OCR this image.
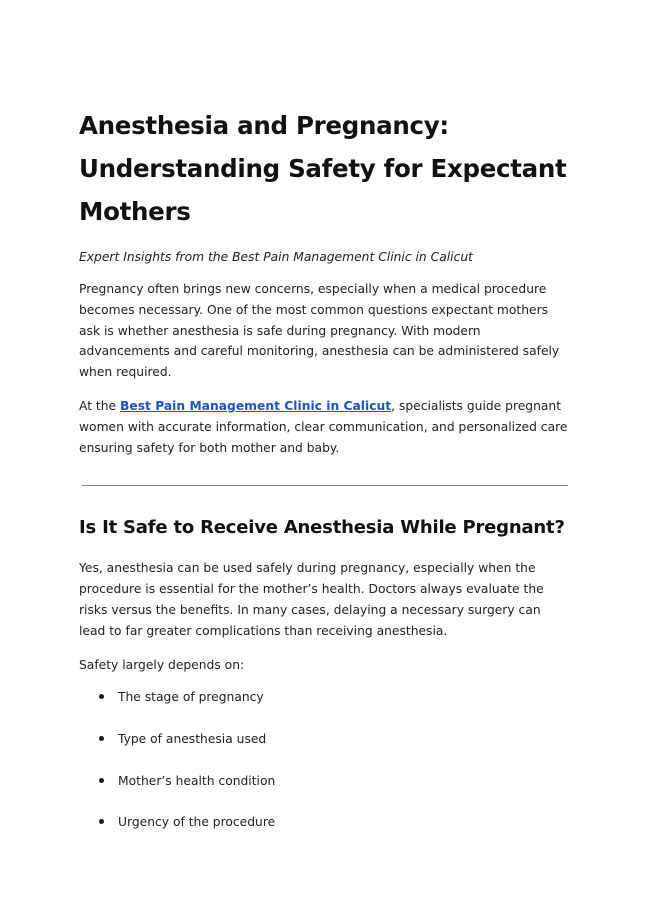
Anesthesia and Pregnancy: Understanding Safety for Expectant Mothers

Expert Insights from the Best Pain Management Clinic in Calicut

Pregnancy often brings new concerns, especially when a medical procedure becomes necessary. One of the most common questions expectant mothers ask is whether anesthesia is safe during pregnancy. With modern advancements and careful monitoring, anesthesia can be administered safely when required.

At the Best Pain Management Clinic in Calicut, specialists guide pregnant women with accurate information, clear communication, and personalized care ensuring safety for both mother and baby.

Is It Safe to Receive Anesthesia While Pregnant?

Yes, anesthesia can be used safely during pregnancy, especially when the procedure is essential for the mother’s health. Doctors always evaluate the risks versus the benefits. In many cases, delaying a necessary surgery can lead to far greater complications than receiving anesthesia.

Safety largely depends on:

The stage of pregnancy
Type of anesthesia used
Mother’s health condition
Urgency of the procedure
